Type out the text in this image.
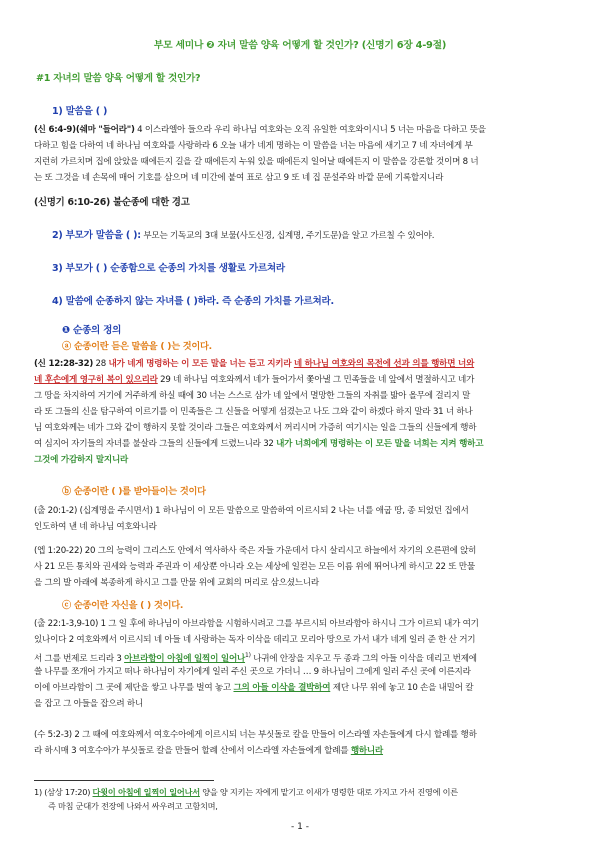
부모 세미나 ❷ 자녀 말씀 양육 어떻게 할 것인가? (신명기 6장 4-9절)
#1 자녀의 말씀 양육 어떻게 할 것인가?
1) 말씀을 ( )
(신 6:4-9)(쉐마 "들어라") 4 이스라엘아 들으라 우리 하나님 여호와는 오직 유일한 여호와이시니 5 너는 마음을 다하고 뜻을
다하고 힘을 다하여 네 하나님 여호와를 사랑하라 6 오늘 내가 네게 명하는 이 말씀을 너는 마음에 새기고 7 네 자녀에게 부
지런히 가르치며 집에 앉았을 때에든지 길을 갈 때에든지 누워 있을 때에든지 일어날 때에든지 이 말씀을 강론할 것이며 8 너
는 또 그것을 네 손목에 매어 기호를 삼으며 네 미간에 붙여 표로 삼고 9 또 네 집 문설주와 바깥 문에 기록할지니라
(신명기 6:10-26) 불순종에 대한 경고
2) 부모가 말씀을 ( ): 부모는 기독교의 3대 보물(사도신경, 십계명, 주기도문)을 알고 가르칠 수 있어야.
3) 부모가 ( ) 순종함으로 순종의 가치를 생활로 가르쳐라
4) 말씀에 순종하지 않는 자녀를 ( )하라. 즉 순종의 가치를 가르쳐라.
❶ 순종의 정의
ⓐ 순종이란 듣은 말씀을 ( )는 것이다.
(신 12:28-32) 28 내가 네게 명령하는 이 모든 말을 너는 듣고 지키라 네 하나님 여호와의 목전에 선과 의를 행하면 너와
네 후손에게 영구히 복이 있으리라 29 네 하나님 여호와께서 네가 들어가서 쫓아낼 그 민족들을 네 앞에서 멸절하시고 네가
그 땅을 차지하여 거기에 거주하게 하실 때에 30 너는 스스로 삼가 네 앞에서 멸망한 그들의 자취를 밟아 올무에 걸리지 말
라 또 그들의 신을 탐구하여 이르기를 이 민족들은 그 신들을 어떻게 섬겼는고 나도 그와 같이 하겠다 하지 말라 31 너 하나
님 여호와께는 네가 그와 같이 행하지 못할 것이라 그들은 여호와께서 꺼리시며 가증히 여기시는 일을 그들의 신들에게 행하
여 심지어 자기들의 자녀를 불살라 그들의 신들에게 드렸느니라 32 내가 너희에게 명령하는 이 모든 말을 너희는 지켜 행하고
그것에 가감하지 말지니라
ⓑ 순종이란 ( )를 받아들이는 것이다
(출 20:1-2) (십계명을 주시면서) 1 하나님이 이 모든 말씀으로 말씀하여 이르시되 2 나는 너를 애굽 땅, 종 되었던 집에서
인도하여 낸 네 하나님 여호와니라
(엡 1:20-22) 20 그의 능력이 그리스도 안에서 역사하사 죽은 자들 가운데서 다시 살리시고 하늘에서 자기의 오른편에 앉히
사 21 모든 통치와 권세와 능력과 주권과 이 세상뿐 아니라 오는 세상에 일컫는 모든 이름 위에 뛰어나게 하시고 22 또 만물
을 그의 발 아래에 복종하게 하시고 그를 만물 위에 교회의 머리로 삼으셨느니라
ⓒ 순종이란 자신을 ( ) 것이다.
(출 22:1-3,9-10) 1 그 일 후에 하나님이 아브라함을 시험하시려고 그를 부르시되 아브라함아 하시니 그가 이르되 내가 여기
있나이다 2 여호와께서 이르시되 네 아들 네 사랑하는 독자 이삭을 데리고 모리아 땅으로 가서 내가 네게 일러 준 한 산 거기
서 그를 번제로 드리라 3 아브라함이 아침에 일찍이 일어나$^{1)}$ 나귀에 안장을 지우고 두 종과 그의 아들 이삭을 데리고 번제에
쓸 나무를 쪼개어 가지고 떠나 하나님이 자기에게 일러 주신 곳으로 가더니 … 9 하나님이 그에게 일러 주신 곳에 이른지라
이에 아브라함이 그 곳에 제단을 쌓고 나무를 벌여 놓고 그의 아들 이삭을 결박하여 제단 나무 위에 놓고 10 손을 내밀어 칼
을 잡고 그 아들을 잡으려 하니
(수 5:2-3) 2 그 때에 여호와께서 여호수아에게 이르시되 너는 부싯돌로 칼을 만들어 이스라엘 자손들에게 다시 할례를 행하
라 하시매 3 여호수아가 부싯돌로 칼을 만들어 할례 산에서 이스라엘 자손들에게 할례를 행하니라
1) (삼상 17:20) 다윗이 아침에 일찍이 일어나서 양을 양 지키는 자에게 맡기고 이새가 명령한 대로 가지고 가서 진영에 이른
즉 마침 군대가 전장에 나와서 싸우려고 고함치며,
- 1 -
